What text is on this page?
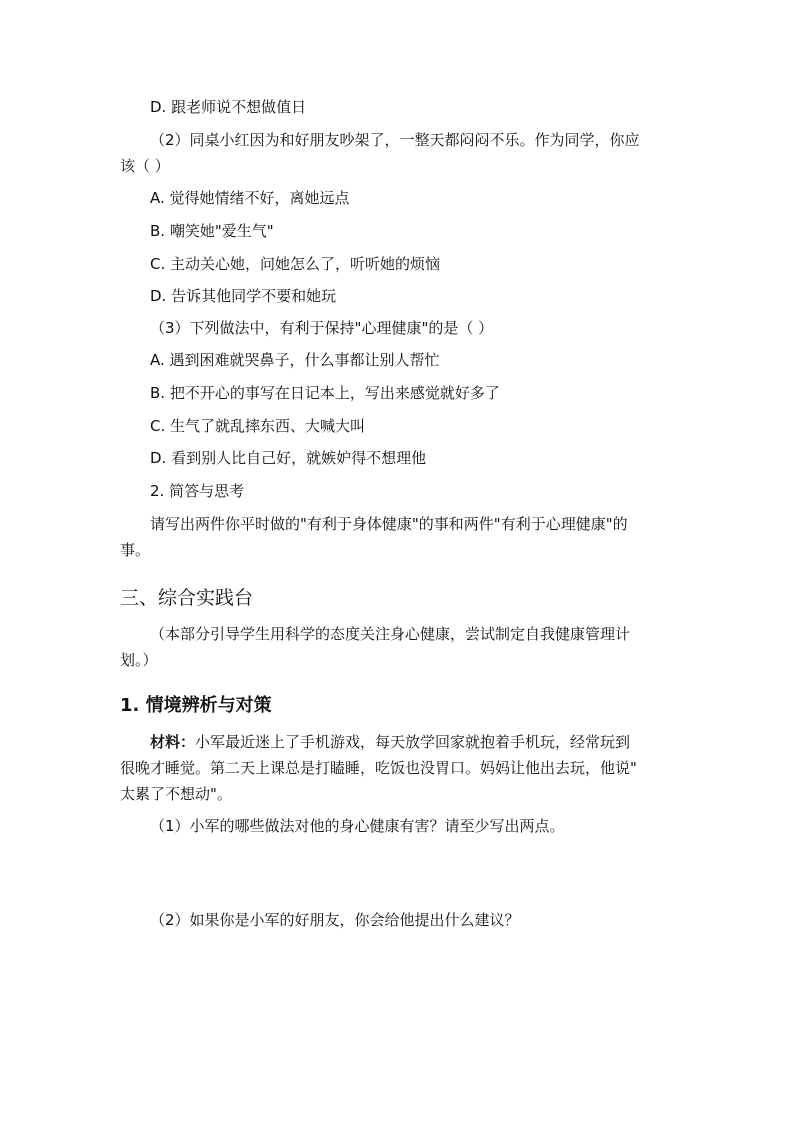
D. 跟老师说不想做值日
（2）同桌小红因为和好朋友吵架了，一整天都闷闷不乐。作为同学，你应
该（ ）
A. 觉得她情绪不好，离她远点
B. 嘲笑她"爱生气"
C. 主动关心她，问她怎么了，听听她的烦恼
D. 告诉其他同学不要和她玩
（3）下列做法中，有利于保持"心理健康"的是（ ）
A. 遇到困难就哭鼻子，什么事都让别人帮忙
B. 把不开心的事写在日记本上，写出来感觉就好多了
C. 生气了就乱摔东西、大喊大叫
D. 看到别人比自己好，就嫉妒得不想理他
2. 简答与思考
请写出两件你平时做的"有利于身体健康"的事和两件"有利于心理健康"的
事。
三、综合实践台
（本部分引导学生用科学的态度关注身心健康，尝试制定自我健康管理计
划。）
1. 情境辨析与对策
材料：小军最近迷上了手机游戏，每天放学回家就抱着手机玩，经常玩到
很晚才睡觉。第二天上课总是打瞌睡，吃饭也没胃口。妈妈让他出去玩，他说"
太累了不想动"。
（1）小军的哪些做法对他的身心健康有害？请至少写出两点。
（2）如果你是小军的好朋友，你会给他提出什么建议？
